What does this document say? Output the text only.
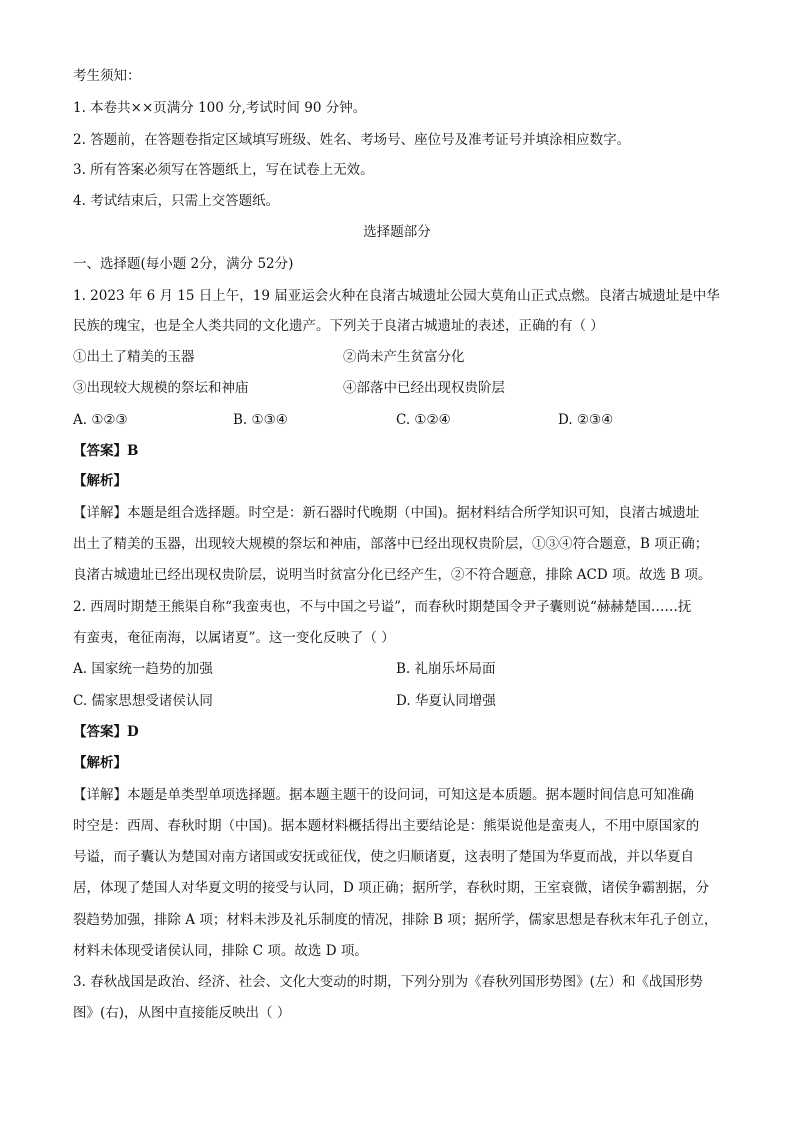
考生须知：
1. 本卷共××页满分 100 分,考试时间 90 分钟。
2. 答题前，在答题卷指定区域填写班级、姓名、考场号、座位号及准考证号并填涂相应数字。
3. 所有答案必须写在答题纸上，写在试卷上无效。
4. 考试结束后，只需上交答题纸。
选择题部分
一、选择题(每小题 2分，满分 52分)
1. 2023 年 6 月 15 日上午，19 届亚运会火种在良渚古城遗址公园大莫角山正式点燃。良渚古城遗址是中华
民族的瑰宝，也是全人类共同的文化遗产。下列关于良渚古城遗址的表述，正确的有（ ）
①出土了精美的玉器	②尚未产生贫富分化
③出现较大规模的祭坛和神庙	④部落中已经出现权贵阶层
A. ①②③	B. ①③④	C. ①②④	D. ②③④
【答案】B
【解析】
【详解】本题是组合选择题。时空是：新石器时代晚期（中国)。据材料结合所学知识可知，良渚古城遗址
出土了精美的玉器，出现较大规模的祭坛和神庙，部落中已经出现权贵阶层，①③④符合题意，B 项正确；
良渚古城遗址已经出现权贵阶层，说明当时贫富分化已经产生，②不符合题意，排除 ACD 项。故选 B 项。
2. 西周时期楚王熊渠自称“我蛮夷也，不与中国之号谥”，而春秋时期楚国令尹子囊则说“赫赫楚国……抚
有蛮夷，奄征南海，以属诸夏”。这一变化反映了（ ）
A. 国家统一趋势的加强	B. 礼崩乐坏局面
C. 儒家思想受诸侯认同	D. 华夏认同增强
【答案】D
【解析】
【详解】本题是单类型单项选择题。据本题主题干的设问词，可知这是本质题。据本题时间信息可知准确
时空是：西周、春秋时期（中国)。据本题材料概括得出主要结论是：熊渠说他是蛮夷人，不用中原国家的
号谥，而子囊认为楚国对南方诸国或安抚或征伐，使之归顺诸夏，这表明了楚国为华夏而战，并以华夏自
居，体现了楚国人对华夏文明的接受与认同，D 项正确；据所学，春秋时期，王室衰微，诸侯争霸割据，分
裂趋势加强，排除 A 项；材料未涉及礼乐制度的情况，排除 B 项；据所学，儒家思想是春秋末年孔子创立，
材料未体现受诸侯认同，排除 C 项。故选 D 项。
3. 春秋战国是政治、经济、社会、文化大变动的时期，下列分别为《春秋列国形势图》(左）和《战国形势
图》(右)，从图中直接能反映出（ ）
